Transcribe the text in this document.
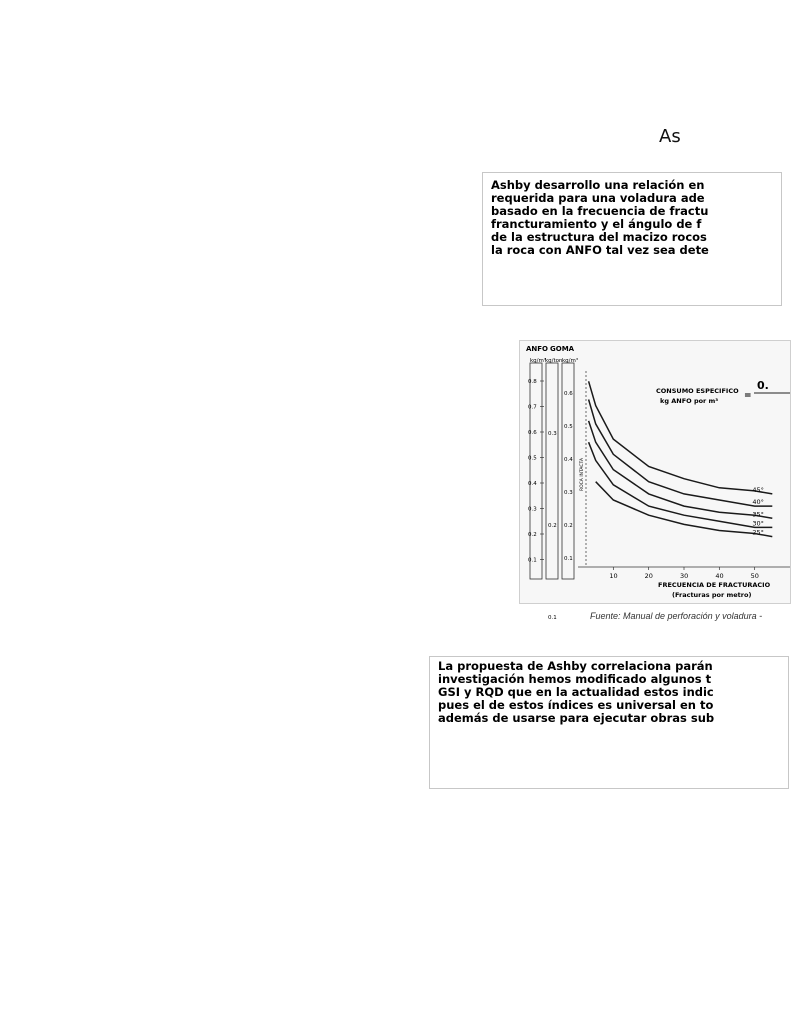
As
Ashby desarrollo una relación en
requerida para una voladura ade
basado en la frecuencia de fractu
francturamiento y el ángulo de f
de la estructura del macizo rocos
la roca con ANFO tal vez sea dete
0.8
0.7
0.6
0.5
0.4
0.3
0.2
0.1
0.3
0.2
0.1
0.6
0.5
0.4
0.3
0.2
0.1
10	20	30	40	50
ANFO GOMA
kg/m³
kg/ton kg/m³
ROCA INTACTA
FRECUENCIA DE FRACTURACIO
(Fracturas por metro)
CONSUMO ESPECIFICO
kg ANFO por m³	=
0.
45°
40°
35°
30°
25°
Fuente: Manual de perforación y voladura -
La propuesta de Ashby correlaciona parán
investigación hemos modificado algunos t
GSI y RQD que en la actualidad estos indic
pues el de estos índices es universal en to
además de usarse para ejecutar obras sub
